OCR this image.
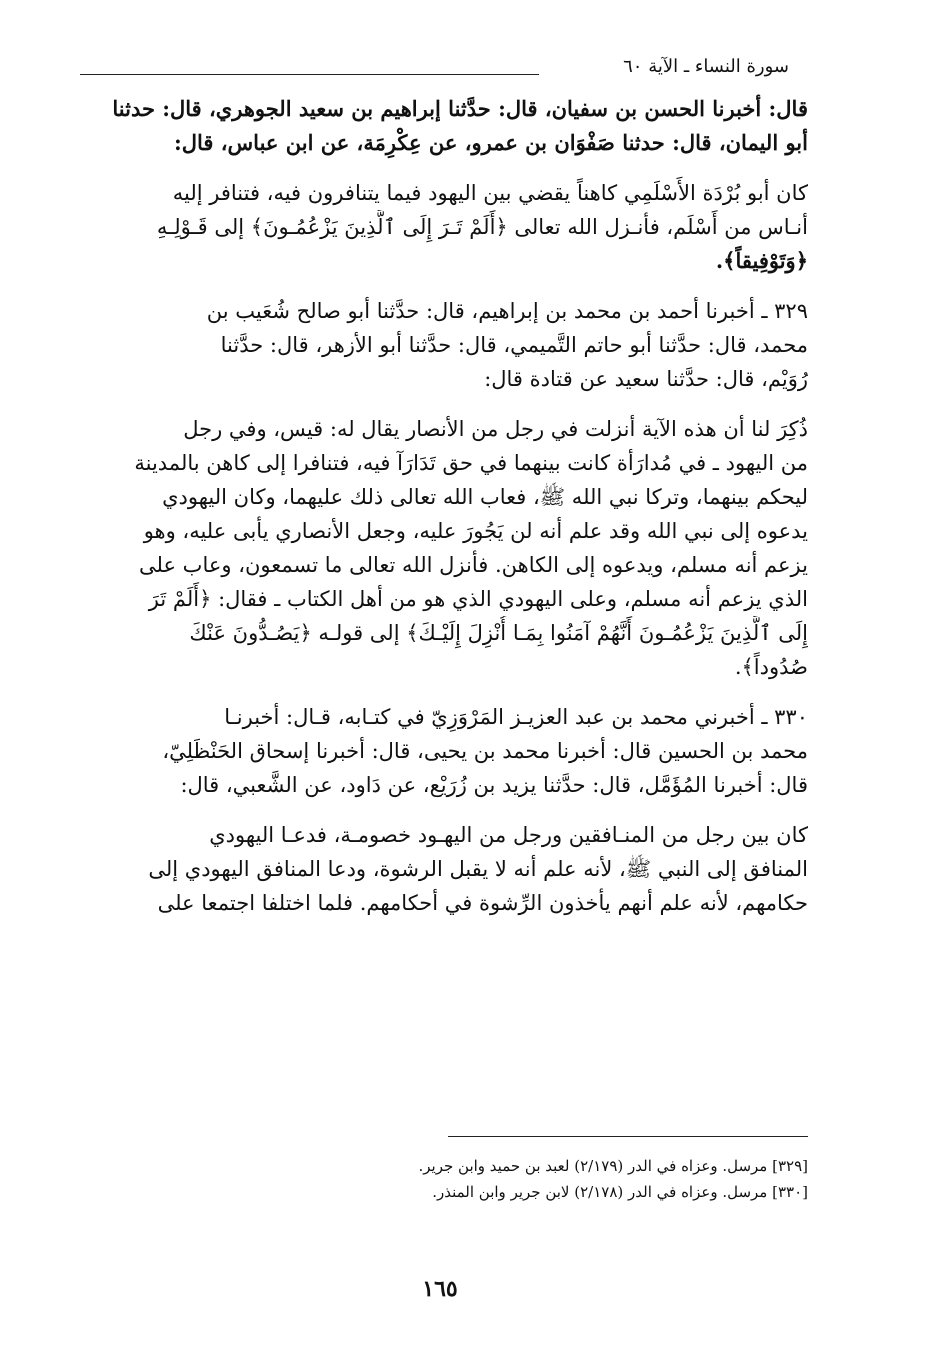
سورة النساء ـ الآية ٦٠
قال: أخبرنا الحسن بن سفيان، قال: حدَّثنا إبراهيم بن سعيد الجوهري، قال: حدثنا
أبو اليمان، قال: حدثنا صَفْوَان بن عمرو، عن عِكْرِمَة، عن ابن عباس، قال:
كان أبو بُرْدَة الأَسْلَمِي كاهناً يقضي بين اليهود فيما يتنافرون فيه، فتنافر إليه
أنـاس من أَسْلَم، فأنـزل الله تعالى ﴿أَلَمْ تَـرَ إِلَى ٱلَّذِينَ يَزْعُمُـونَ﴾ إلى قَـوْلِـهِ
﴿وَتَوْفِيقاً﴾.
٣٢٩ ـ أخبرنا أحمد بن محمد بن إبراهيم، قال: حدَّثنا أبو صالح شُعَيب بن
محمد، قال: حدَّثنا أبو حاتم التَّميمي، قال: حدَّثنا أبو الأزهر، قال: حدَّثنا
رُوَيْم، قال: حدَّثنا سعيد عن قتادة قال:
ذُكِرَ لنا أن هذه الآية أنزلت في رجل من الأنصار يقال له: قيس، وفي رجل
من اليهود ـ في مُدارَأة كانت بينهما في حق تَدَارَآ فيه، فتنافرا إلى كاهن بالمدينة
ليحكم بينهما، وتركا نبي الله ﷺ، فعاب الله تعالى ذلك عليهما، وكان اليهودي
يدعوه إلى نبي الله وقد علم أنه لن يَجُورَ عليه، وجعل الأنصاري يأبى عليه، وهو
يزعم أنه مسلم، ويدعوه إلى الكاهن. فأنزل الله تعالى ما تسمعون، وعاب على
الذي يزعم أنه مسلم، وعلى اليهودي الذي هو من أهل الكتاب ـ فقال: ﴿أَلَمْ تَرَ
إِلَى ٱلَّذِينَ يَزْعُمُـونَ أَنَّهُمْ آمَنُوا بِمَـا أُنْزِلَ إِلَيْـكَ﴾ إلى قولـه ﴿يَصُـدُّونَ عَنْكَ
صُدُوداً﴾.
٣٣٠ ـ أخبرني محمد بن عبد العزيـز المَرْوَزِيّ في كتـابه، قـال: أخبرنـا
محمد بن الحسين قال: أخبرنا محمد بن يحيى، قال: أخبرنا إسحاق الحَنْظَلِيّ،
قال: أخبرنا المُؤَمَّل، قال: حدَّثنا يزيد بن زُرَيْع، عن دَاود، عن الشَّعبي، قال:
كان بين رجل من المنـافقين ورجل من اليهـود خصومـة، فدعـا اليهودي
المنافق إلى النبي ﷺ، لأنه علم أنه لا يقبل الرشوة، ودعا المنافق اليهودي إلى
حكامهم، لأنه علم أنهم يأخذون الرِّشوة في أحكامهم. فلما اختلفا اجتمعا على
[٣٢٩] مرسل. وعزاه في الدر (٢/١٧٩) لعبد بن حميد وابن جرير.
[٣٣٠] مرسل. وعزاه في الدر (٢/١٧٨) لابن جرير وابن المنذر.
١٦٥
